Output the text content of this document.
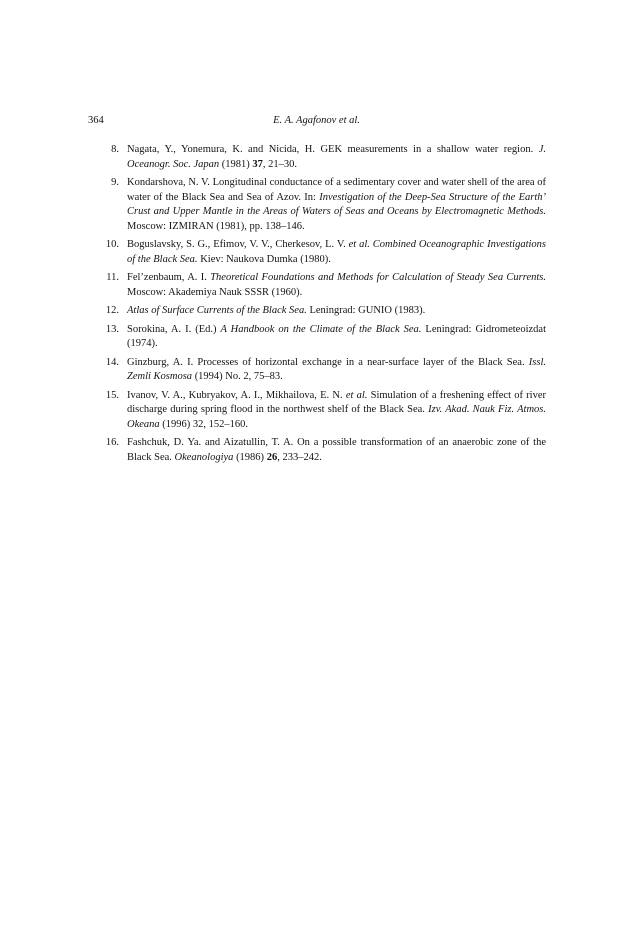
364	E. A. Agafonov et al.
8. Nagata, Y., Yonemura, K. and Nicida, H. GEK measurements in a shallow water region. J. Oceanogr. Soc. Japan (1981) 37, 21–30.
9. Kondarshova, N. V. Longitudinal conductance of a sedimentary cover and water shell of the area of water of the Black Sea and Sea of Azov. In: Investigation of the Deep-Sea Structure of the Earth’ Crust and Upper Mantle in the Areas of Waters of Seas and Oceans by Electromagnetic Methods. Moscow: IZMIRAN (1981), pp. 138–146.
10. Boguslavsky, S. G., Efimov, V. V., Cherkesov, L. V. et al. Combined Oceanographic Investigations of the Black Sea. Kiev: Naukova Dumka (1980).
11. Fel’zenbaum, A. I. Theoretical Foundations and Methods for Calculation of Steady Sea Currents. Moscow: Akademiya Nauk SSSR (1960).
12. Atlas of Surface Currents of the Black Sea. Leningrad: GUNIO (1983).
13. Sorokina, A. I. (Ed.) A Handbook on the Climate of the Black Sea. Leningrad: Gidrometeoizdat (1974).
14. Ginzburg, A. I. Processes of horizontal exchange in a near-surface layer of the Black Sea. Issl. Zemli Kosmosa (1994) No. 2, 75–83.
15. Ivanov, V. A., Kubryakov, A. I., Mikhailova, E. N. et al. Simulation of a freshening effect of river discharge during spring flood in the northwest shelf of the Black Sea. Izv. Akad. Nauk Fiz. Atmos. Okeana (1996) 32, 152–160.
16. Fashchuk, D. Ya. and Aizatullin, T. A. On a possible transformation of an anaerobic zone of the Black Sea. Okeanologiya (1986) 26, 233–242.
